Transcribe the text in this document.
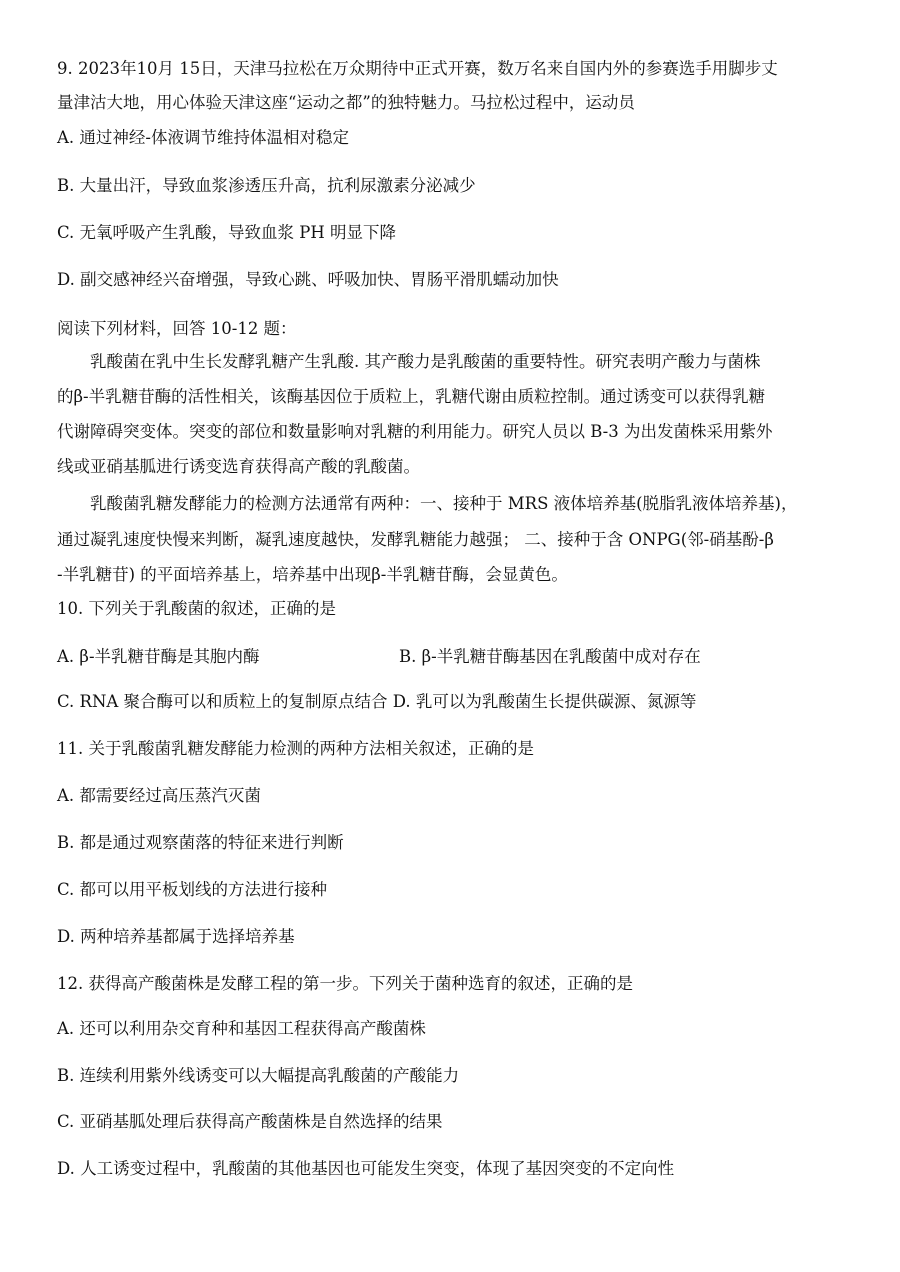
9. 2023年10月 15日，天津马拉松在万众期待中正式开赛，数万名来自国内外的参赛选手用脚步丈
量津沽大地，用心体验天津这座“运动之都”的独特魅力。马拉松过程中，运动员
A. 通过神经-体液调节维持体温相对稳定
B. 大量出汗，导致血浆渗透压升高，抗利尿激素分泌减少
C. 无氧呼吸产生乳酸，导致血浆 PH 明显下降
D. 副交感神经兴奋增强，导致心跳、呼吸加快、胃肠平滑肌蠕动加快
阅读下列材料，回答 10-12 题：
乳酸菌在乳中生长发酵乳糖产生乳酸. 其产酸力是乳酸菌的重要特性。研究表明产酸力与菌株
的β-半乳糖苷酶的活性相关，该酶基因位于质粒上，乳糖代谢由质粒控制。通过诱变可以获得乳糖
代谢障碍突变体。突变的部位和数量影响对乳糖的利用能力。研究人员以 B-3 为出发菌株采用紫外
线或亚硝基胍进行诱变选育获得高产酸的乳酸菌。
乳酸菌乳糖发酵能力的检测方法通常有两种：一、接种于 MRS 液体培养基(脱脂乳液体培养基)，
通过凝乳速度快慢来判断，凝乳速度越快，发酵乳糖能力越强； 二、接种于含 ONPG(邻-硝基酚-β
-半乳糖苷) 的平面培养基上，培养基中出现β-半乳糖苷酶，会显黄色。
10. 下列关于乳酸菌的叙述，正确的是
A. β-半乳糖苷酶是其胞内酶	B. β-半乳糖苷酶基因在乳酸菌中成对存在
C. RNA 聚合酶可以和质粒上的复制原点结合 D. 乳可以为乳酸菌生长提供碳源、氮源等
11. 关于乳酸菌乳糖发酵能力检测的两种方法相关叙述，正确的是
A. 都需要经过高压蒸汽灭菌
B. 都是通过观察菌落的特征来进行判断
C. 都可以用平板划线的方法进行接种
D. 两种培养基都属于选择培养基
12. 获得高产酸菌株是发酵工程的第一步。下列关于菌种选育的叙述，正确的是
A. 还可以利用杂交育种和基因工程获得高产酸菌株
B. 连续利用紫外线诱变可以大幅提高乳酸菌的产酸能力
C. 亚硝基胍处理后获得高产酸菌株是自然选择的结果
D. 人工诱变过程中，乳酸菌的其他基因也可能发生突变，体现了基因突变的不定向性
